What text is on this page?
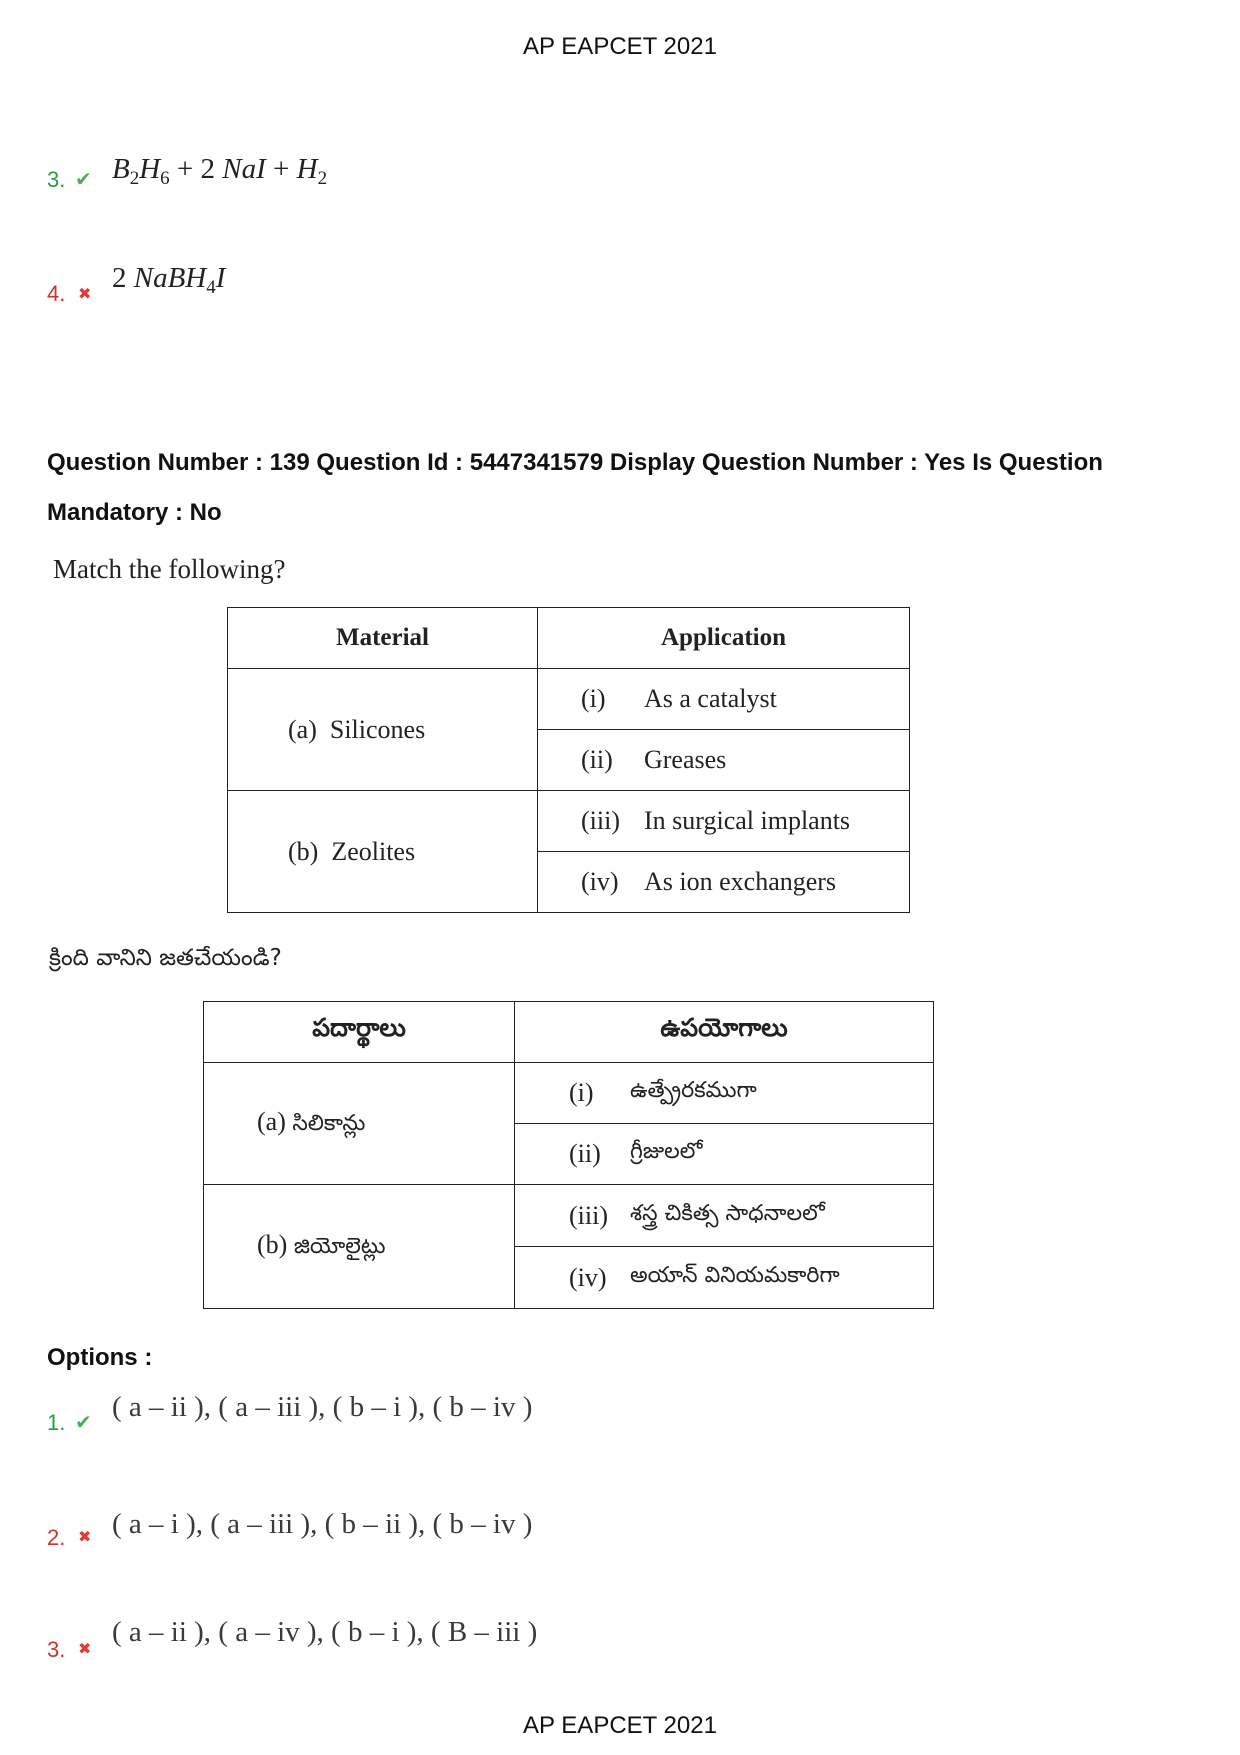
AP EAPCET 2021
3. ✔ $B_2H_6 + 2$ NaI + $H_2$
4. ✖ 2 NaBH$_4$I
Question Number : 139 Question Id : 5447341579 Display Question Number : Yes Is Question
Mandatory : No
Match the following?
Material	Application
(a) Silicones	(i) As a catalyst

	(ii) Greases

(b) Zeolites	(iii) In surgical implants

	(iv) As ion exchangers
క్రింది వానిని జతచేయండి?
పదార్థాలు	ఉపయోగాలు
(a) సిలికాన్లు	(i) ఉత్ప్రేరకముగా

	(ii) గ్రీజులలో

(b) జియోలైట్లు	(iii) శస్త్ర చికిత్స సాధనాలలో

	(iv) అయాన్ వినియమకారిగా
Options :
1. ✔ ( a – ii ), ( a – iii ), ( b – i ), ( b – iv )
2. ✖ ( a – i ), ( a – iii ), ( b – ii ), ( b – iv )
3. ✖
( a – ii ), ( a – iv ), ( b – i ), ( B – iii )
AP EAPCET 2021
